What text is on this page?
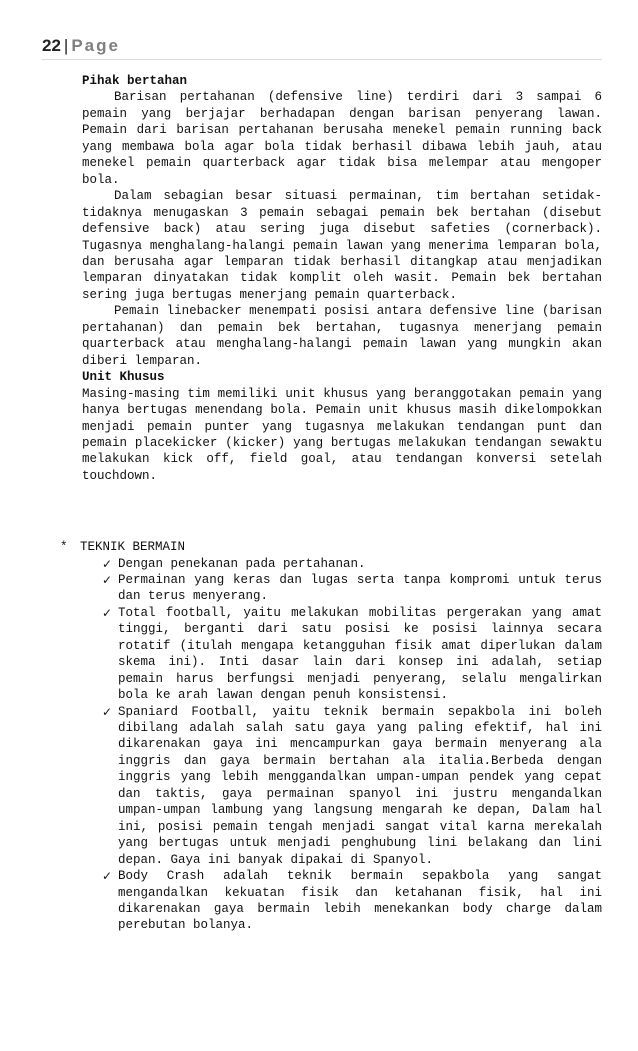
22 | Page

Pihak bertahan

Barisan pertahanan (defensive line) terdiri dari 3 sampai 6 pemain yang berjajar berhadapan dengan barisan penyerang lawan. Pemain dari barisan pertahanan berusaha menekel pemain running back yang membawa bola agar bola tidak berhasil dibawa lebih jauh, atau menekel pemain quarterback agar tidak bisa melempar atau mengoper bola.

Dalam sebagian besar situasi permainan, tim bertahan setidak-tidaknya menugaskan 3 pemain sebagai pemain bek bertahan (disebut defensive back) atau sering juga disebut safeties (cornerback). Tugasnya menghalang-halangi pemain lawan yang menerima lemparan bola, dan berusaha agar lemparan tidak berhasil ditangkap atau menjadikan lemparan dinyatakan tidak komplit oleh wasit. Pemain bek bertahan sering juga bertugas menerjang pemain quarterback.

Pemain linebacker menempati posisi antara defensive line (barisan pertahanan) dan pemain bek bertahan, tugasnya menerjang pemain quarterback atau menghalang-halangi pemain lawan yang mungkin akan diberi lemparan.

Unit Khusus

Masing-masing tim memiliki unit khusus yang beranggotakan pemain yang hanya bertugas menendang bola. Pemain unit khusus masih dikelompokkan menjadi pemain punter yang tugasnya melakukan tendangan punt dan pemain placekicker (kicker) yang bertugas melakukan tendangan sewaktu melakukan kick off, field goal, atau tendangan konversi setelah touchdown.

* TEKNIK BERMAIN

✓ Dengan penekanan pada pertahanan.
✓ Permainan yang keras dan lugas serta tanpa kompromi untuk terus dan terus menyerang.
✓ Total football, yaitu melakukan mobilitas pergerakan yang amat tinggi, berganti dari satu posisi ke posisi lainnya secara rotatif (itulah mengapa ketangguhan fisik amat diperlukan dalam skema ini). Inti dasar lain dari konsep ini adalah, setiap pemain harus berfungsi menjadi penyerang, selalu mengalirkan bola ke arah lawan dengan penuh konsistensi.
✓ Spaniard Football, yaitu teknik bermain sepakbola ini boleh dibilang adalah salah satu gaya yang paling efektif, hal ini dikarenakan gaya ini mencampurkan gaya bermain menyerang ala inggris dan gaya bermain bertahan ala italia.Berbeda dengan inggris yang lebih menggandalkan umpan-umpan pendek yang cepat dan taktis, gaya permainan spanyol ini justru mengandalkan umpan-umpan lambung yang langsung mengarah ke depan, Dalam hal ini, posisi pemain tengah menjadi sangat vital karna merekalah yang bertugas untuk menjadi penghubung lini belakang dan lini depan. Gaya ini banyak dipakai di Spanyol.
✓ Body Crash adalah teknik bermain sepakbola yang sangat mengandalkan kekuatan fisik dan ketahanan fisik, hal ini dikarenakan gaya bermain lebih menekankan body charge dalam perebutan bolanya.
